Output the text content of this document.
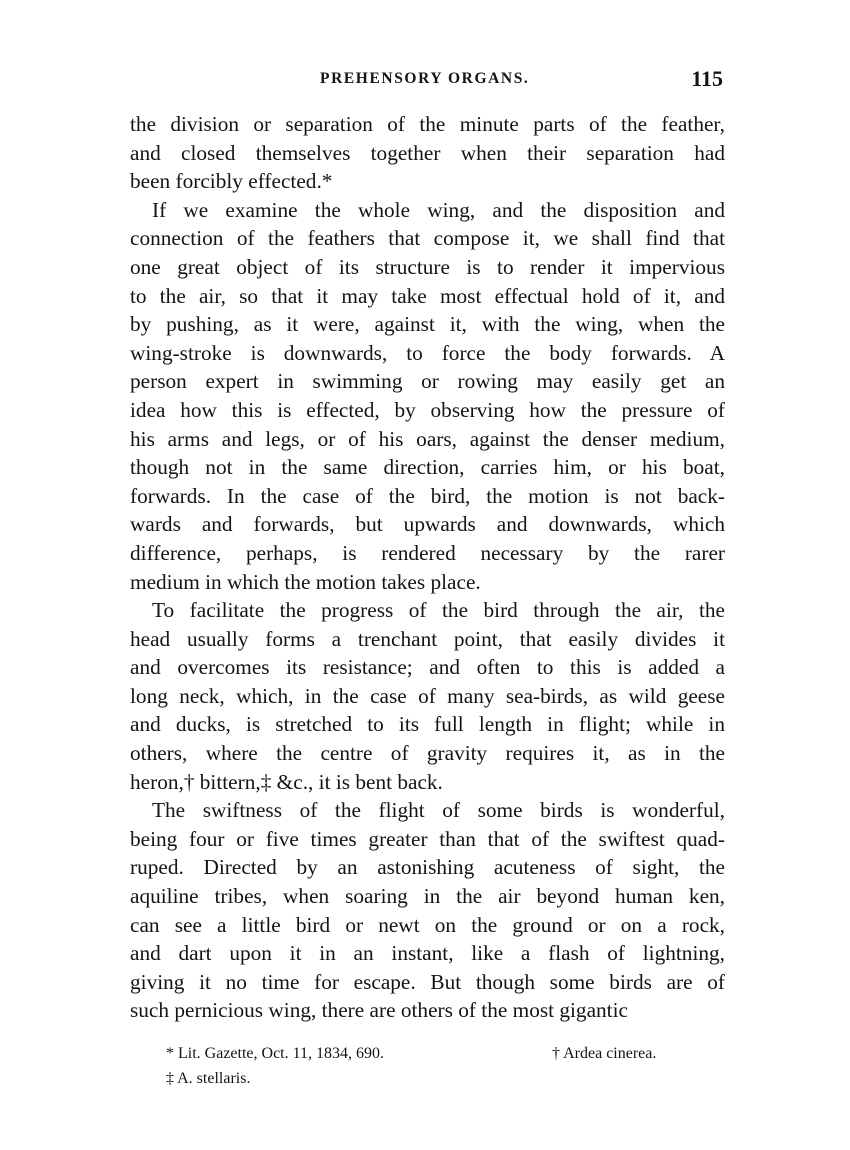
PREHENSORY ORGANS.	115
the division or separation of the minute parts of the feather,
and closed themselves together when their separation had
been forcibly effected.*
If we examine the whole wing, and the disposition and
connection of the feathers that compose it, we shall find that
one great object of its structure is to render it impervious
to the air, so that it may take most effectual hold of it, and
by pushing, as it were, against it, with the wing, when the
wing-stroke is downwards, to force the body forwards. A
person expert in swimming or rowing may easily get an
idea how this is effected, by observing how the pressure of
his arms and legs, or of his oars, against the denser medium,
though not in the same direction, carries him, or his boat,
forwards. In the case of the bird, the motion is not back-
wards and forwards, but upwards and downwards, which
difference, perhaps, is rendered necessary by the rarer
medium in which the motion takes place.
To facilitate the progress of the bird through the air, the
head usually forms a trenchant point, that easily divides it
and overcomes its resistance; and often to this is added a
long neck, which, in the case of many sea-birds, as wild geese
and ducks, is stretched to its full length in flight; while in
others, where the centre of gravity requires it, as in the
heron,† bittern,‡ &c., it is bent back.
The swiftness of the flight of some birds is wonderful,
being four or five times greater than that of the swiftest quad-
ruped. Directed by an astonishing acuteness of sight, the
aquiline tribes, when soaring in the air beyond human ken,
can see a little bird or newt on the ground or on a rock,
and dart upon it in an instant, like a flash of lightning,
giving it no time for escape. But though some birds are of
such pernicious wing, there are others of the most gigantic
* Lit. Gazette, Oct. 11, 1834, 690.	† Ardea cinerea.
‡ A. stellaris.
